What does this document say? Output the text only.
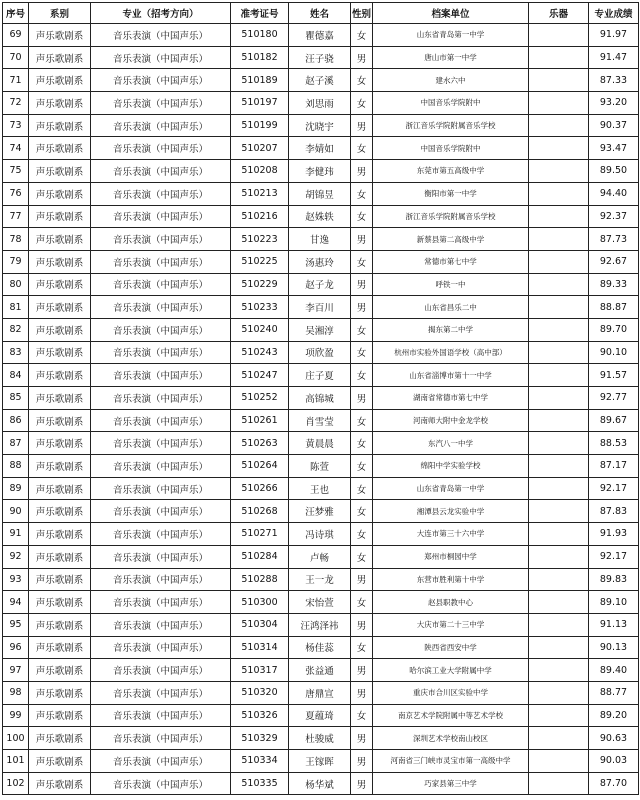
序号	系别	专业（招考方向）	准考证号	姓名	性别	档案单位	乐器	专业成绩
69	声乐歌剧系	音乐表演（中国声乐）	510180	瞿德嘉	女	山东省青岛第一中学		91.97
70	声乐歌剧系	音乐表演（中国声乐）	510182	汪子骁	男	唐山市第一中学		91.47
71	声乐歌剧系	音乐表演（中国声乐）	510189	赵子溪	女	建水六中		87.33
72	声乐歌剧系	音乐表演（中国声乐）	510197	刘思雨	女	中国音乐学院附中		93.20
73	声乐歌剧系	音乐表演（中国声乐）	510199	沈晓宇	男	浙江音乐学院附属音乐学校		90.37
74	声乐歌剧系	音乐表演（中国声乐）	510207	李婧如	女	中国音乐学院附中		93.47
75	声乐歌剧系	音乐表演（中国声乐）	510208	李健玮	男	东莞市第五高级中学		89.50
76	声乐歌剧系	音乐表演（中国声乐）	510213	胡锦昱	女	衡阳市第一中学		94.40
77	声乐歌剧系	音乐表演（中国声乐）	510216	赵姝轶	女	浙江音乐学院附属音乐学校		92.37
78	声乐歌剧系	音乐表演（中国声乐）	510223	甘逸	男	新蔡县第二高级中学		87.73
79	声乐歌剧系	音乐表演（中国声乐）	510225	汤惠玲	女	常德市第七中学		92.67
80	声乐歌剧系	音乐表演（中国声乐）	510229	赵子龙	男	呼铁一中		89.33
81	声乐歌剧系	音乐表演（中国声乐）	510233	李百川	男	山东省昌乐二中		88.87
82	声乐歌剧系	音乐表演（中国声乐）	510240	吴湘淳	女	揭东第二中学		89.70
83	声乐歌剧系	音乐表演（中国声乐）	510243	项欣盈	女	杭州市实验外国语学校（高中部）		90.10
84	声乐歌剧系	音乐表演（中国声乐）	510247	庄子夏	女	山东省淄博市第十一中学		91.57
85	声乐歌剧系	音乐表演（中国声乐）	510252	高锦城	男	湖南省常德市第七中学		92.77
86	声乐歌剧系	音乐表演（中国声乐）	510261	肖雪莹	女	河南师大附中金龙学校		89.67
87	声乐歌剧系	音乐表演（中国声乐）	510263	黄晨晨	女	东汽八一中学		88.53
88	声乐歌剧系	音乐表演（中国声乐）	510264	陈萱	女	绵阳中学实验学校		87.17
89	声乐歌剧系	音乐表演（中国声乐）	510266	王也	女	山东省青岛第一中学		92.17
90	声乐歌剧系	音乐表演（中国声乐）	510268	汪梦雅	女	湘潭县云龙实验中学		87.83
91	声乐歌剧系	音乐表演（中国声乐）	510271	冯诗琪	女	大连市第三十六中学		91.93
92	声乐歌剧系	音乐表演（中国声乐）	510284	卢畅	女	郑州市桐园中学		92.17
93	声乐歌剧系	音乐表演（中国声乐）	510288	王一龙	男	东营市胜利第十中学		89.83
94	声乐歌剧系	音乐表演（中国声乐）	510300	宋怡萱	女	赵县职教中心		89.10
95	声乐歌剧系	音乐表演（中国声乐）	510304	汪鸿泽祎	男	大庆市第二十三中学		91.13
96	声乐歌剧系	音乐表演（中国声乐）	510314	杨佳蕊	女	陕西省西安中学		90.13
97	声乐歌剧系	音乐表演（中国声乐）	510317	张益通	男	哈尔滨工业大学附属中学		89.40
98	声乐歌剧系	音乐表演（中国声乐）	510320	唐鼎宣	男	重庆市合川区实验中学		88.77
99	声乐歌剧系	音乐表演（中国声乐）	510326	夏蕴琦	女	南京艺术学院附属中等艺术学校		89.20
100	声乐歌剧系	音乐表演（中国声乐）	510329	杜骏威	男	深圳艺术学校南山校区		90.63
101	声乐歌剧系	音乐表演（中国声乐）	510334	王镓晖	男	河南省三门峡市灵宝市第一高级中学		90.03
102	声乐歌剧系	音乐表演（中国声乐）	510335	杨华斌	男	巧家县第三中学		87.70
